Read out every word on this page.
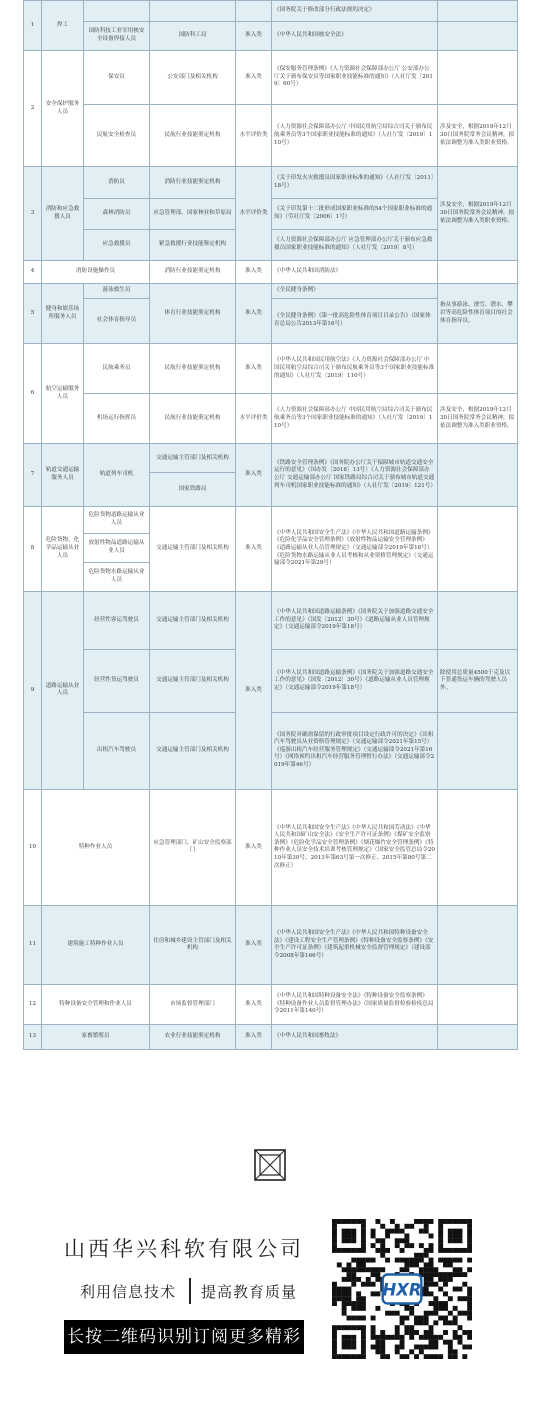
1	焊工				《国务院关于修改部分行政法规的决定》	
		国防科技工业军用核安全设备焊接人员	国防科工局	准入类	《中华人民共和国核安全法》	
2	安全保护服务人员	保安员	公安部门及相关机构	准入类	《保安服务管理条例》《人力资源社会保障部办公厅 公安部办公厅关于颁布保安员等国家职业技能标准的通知》（人社厅发〔2019〕60号）	
		民航安全检查员	民航行业技能鉴定机构	水平评价类	《人力资源社会保障部办公厅 中国民用航空局综合司关于颁布民航乘务员等3个国家职业技能标准的通知》（人社厅发〔2019〕110号）	涉及安全，根据2019年12月30日国务院常务会议精神，拟依法调整为准入类职业资格。
3	消防和应急救援人员	消防员	消防行业技能鉴定机构	水平评价类	《关于印发火灾救援员国家职业标准的通知》（人社厅发〔2011〕18号）	涉及安全，根据2019年12月30日国务院常务会议精神，拟依法调整为准入类职业资格。
		森林消防员	应急管理部、国家林业和草原局		《关于印发第十二批形成国家职业标准的54个国家职业标准的通知》（劳社厅发〔2006〕1号）	
		应急救援员	紧急救援行业技能鉴定机构		《人力资源社会保障部办公厅 应急管理部办公厅关于颁布应急救援员国家职业技能标准的通知》（人社厅发〔2019〕8号）	
4	消防设施操作员		消防行业技能鉴定机构	准入类	《中华人民共和国消防法》	
5	健身和娱乐场所服务人员	游泳救生员	体育行业技能鉴定机构	准入类	《全民健身条例》	指从事游泳、滑雪、潜水、攀岩等高危险性体育项目的社会体育指导员。
		社会体育指导员			《全民健身条例》《第一批高危险性体育项目目录公告》（国家体育总局公告2013年第16号）	
6	航空运输服务人员	民航乘务员	民航行业技能鉴定机构	准入类	《中华人民共和国民用航空法》《人力资源社会保障部办公厅 中国民用航空局综合司关于颁布民航乘务员等3个国家职业技能标准的通知》（人社厅发〔2019〕110号）	
		机场运行指挥员	民航行业技能鉴定机构	水平评价类	《人力资源社会保障部办公厅 中国民用航空局综合司关于颁布民航乘务员等3个国家职业技能标准的通知》（人社厅发〔2019〕110号）	涉及安全，根据2019年12月30日国务院常务会议精神，拟依法调整为准入类职业资格。
7	轨道交通运输服务人员	轨道列车司机	交通运输主管部门及相关机构	准入类	《铁路安全管理条例》《国务院办公厅关于保障城市轨道交通安全运行的意见》（国办发〔2018〕13号）《人力资源社会保障部办公厅 交通运输部办公厅 国家铁路局综合司关于颁布城市轨道交通列车司机国家职业技能标准的通知》（人社厅发〔2019〕121号）	
			国家铁路局			
8	危险货物、化学品运输从业人员	危险货物道路运输从业人员	交通运输主管部门及相关机构	准入类	《中华人民共和国安全生产法》《中华人民共和国道路运输条例》《危险化学品安全管理条例》《放射性物品运输安全管理条例》《道路运输从业人员管理规定》（交通运输部令2019年第18号）《危险货物水路运输从业人员考核和从业资格管理规定》（交通运输部令2021年第29号）	
		放射性物品道路运输从业人员				
		危险货物水路运输从业人员				
9	道路运输从业人员	经营性客运驾驶员	交通运输主管部门及相关机构	准入类	《中华人民共和国道路运输条例》《国务院关于加强道路交通安全工作的意见》（国发〔2012〕30号）《道路运输从业人员管理规定》（交通运输部令2019年第18号）	
		经营性货运驾驶员	交通运输主管部门及相关机构		《中华人民共和国道路运输条例》《国务院关于加强道路交通安全工作的意见》（国发〔2012〕30号）《道路运输从业人员管理规定》（交通运输部令2019年第18号）	除使用总质量4500千克及以下普通货运车辆的驾驶人员外。
		出租汽车驾驶员	交通运输主管部门及相关机构		《国务院对确需保留的行政审批项目设定行政许可的决定》《出租汽车驾驶员从业资格管理规定》（交通运输部令2021年第15号）《巡游出租汽车经营服务管理规定》（交通运输部令2021年第16号）《网络预约出租汽车经营服务管理暂行办法》（交通运输部令2019年第46号）	
10	特种作业人员		应急管理部门、矿山安全监察部门	准入类	《中华人民共和国安全生产法》《中华人民共和国劳动法》《中华人民共和国矿山安全法》《安全生产许可证条例》《煤矿安全监察条例》《危险化学品安全管理条例》《烟花爆竹安全管理条例》《特种作业人员安全技术培训考核管理规定》（国家安全监管总局令2010年第30号，2013年第63号第一次修正、2015年第80号第二次修正）	
11	建筑施工特种作业人员		住房和城乡建设主管部门及相关机构	准入类	《中华人民共和国安全生产法》《中华人民共和国特种设备安全法》《建设工程安全生产管理条例》《特种设备安全监察条例》《安全生产许可证条例》《建筑起重机械安全监督管理规定》（建设部令2008年第166号）	
12	特种设备安全管理和作业人员		市场监督管理部门	准入类	《中华人民共和国特种设备安全法》《特种设备安全监察条例》《特种设备作业人员监督管理办法》（国家质量监督检验检疫总局令2011年第140号）	
13	家畜繁殖员		农业行业技能鉴定机构	准入类	《中华人民共和国畜牧法》	
山西华兴科软有限公司
利用信息技术 提高教育质量
长按二维码识别订阅更多精彩
HXR
